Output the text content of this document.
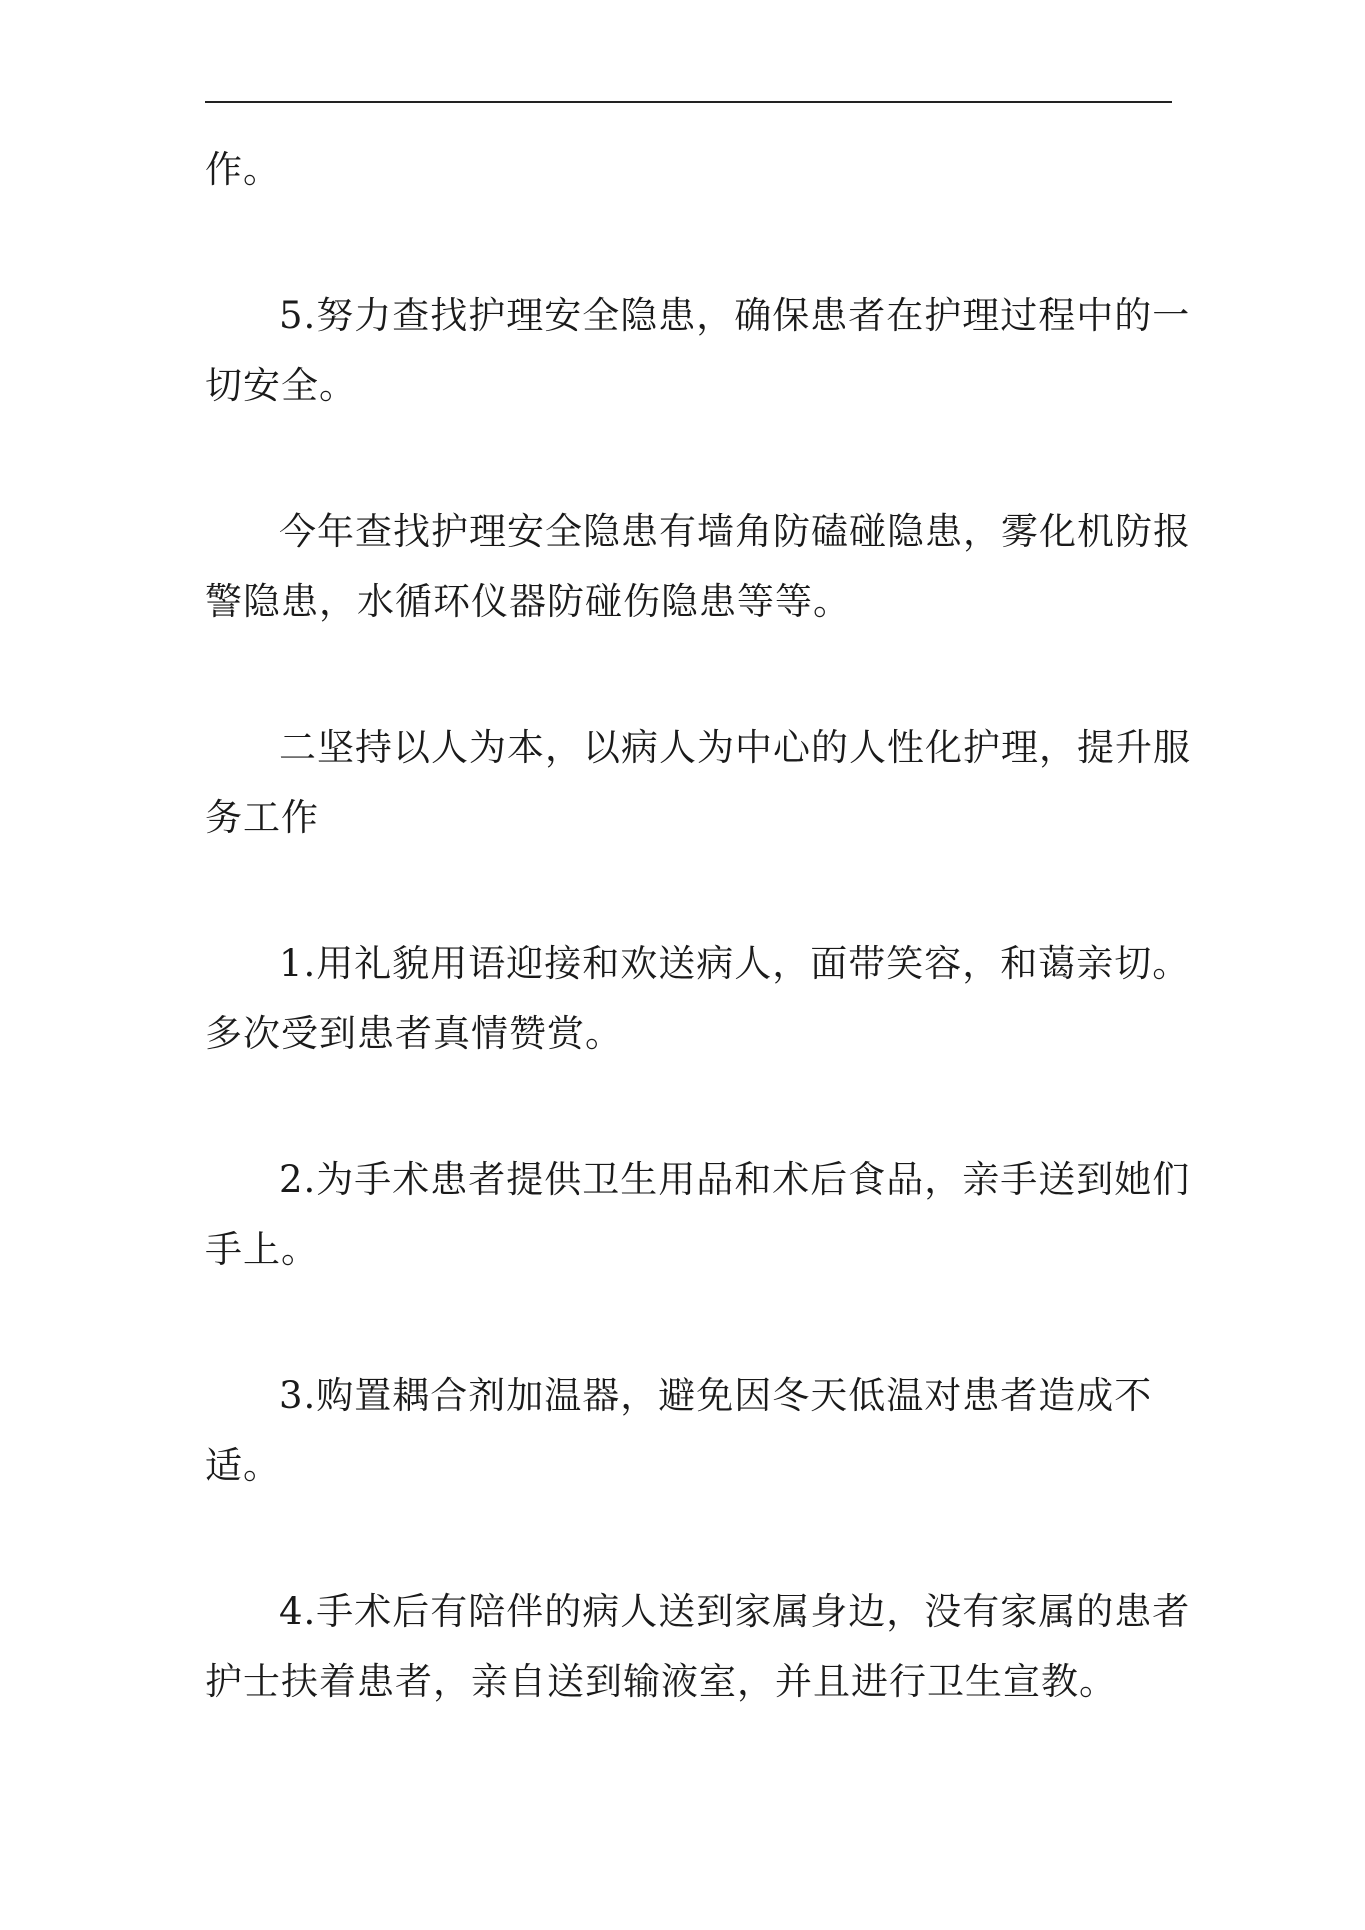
作。
5.努力查找护理安全隐患，确保患者在护理过程中的一
切安全。
今年查找护理安全隐患有墙角防磕碰隐患，雾化机防报
警隐患，水循环仪器防碰伤隐患等等。
二坚持以人为本，以病人为中心的人性化护理，提升服
务工作
1.用礼貌用语迎接和欢送病人，面带笑容，和蔼亲切。
多次受到患者真情赞赏。
2.为手术患者提供卫生用品和术后食品，亲手送到她们
手上。
3.购置耦合剂加温器，避免因冬天低温对患者造成不
适。
4.手术后有陪伴的病人送到家属身边，没有家属的患者
护士扶着患者，亲自送到输液室，并且进行卫生宣教。
